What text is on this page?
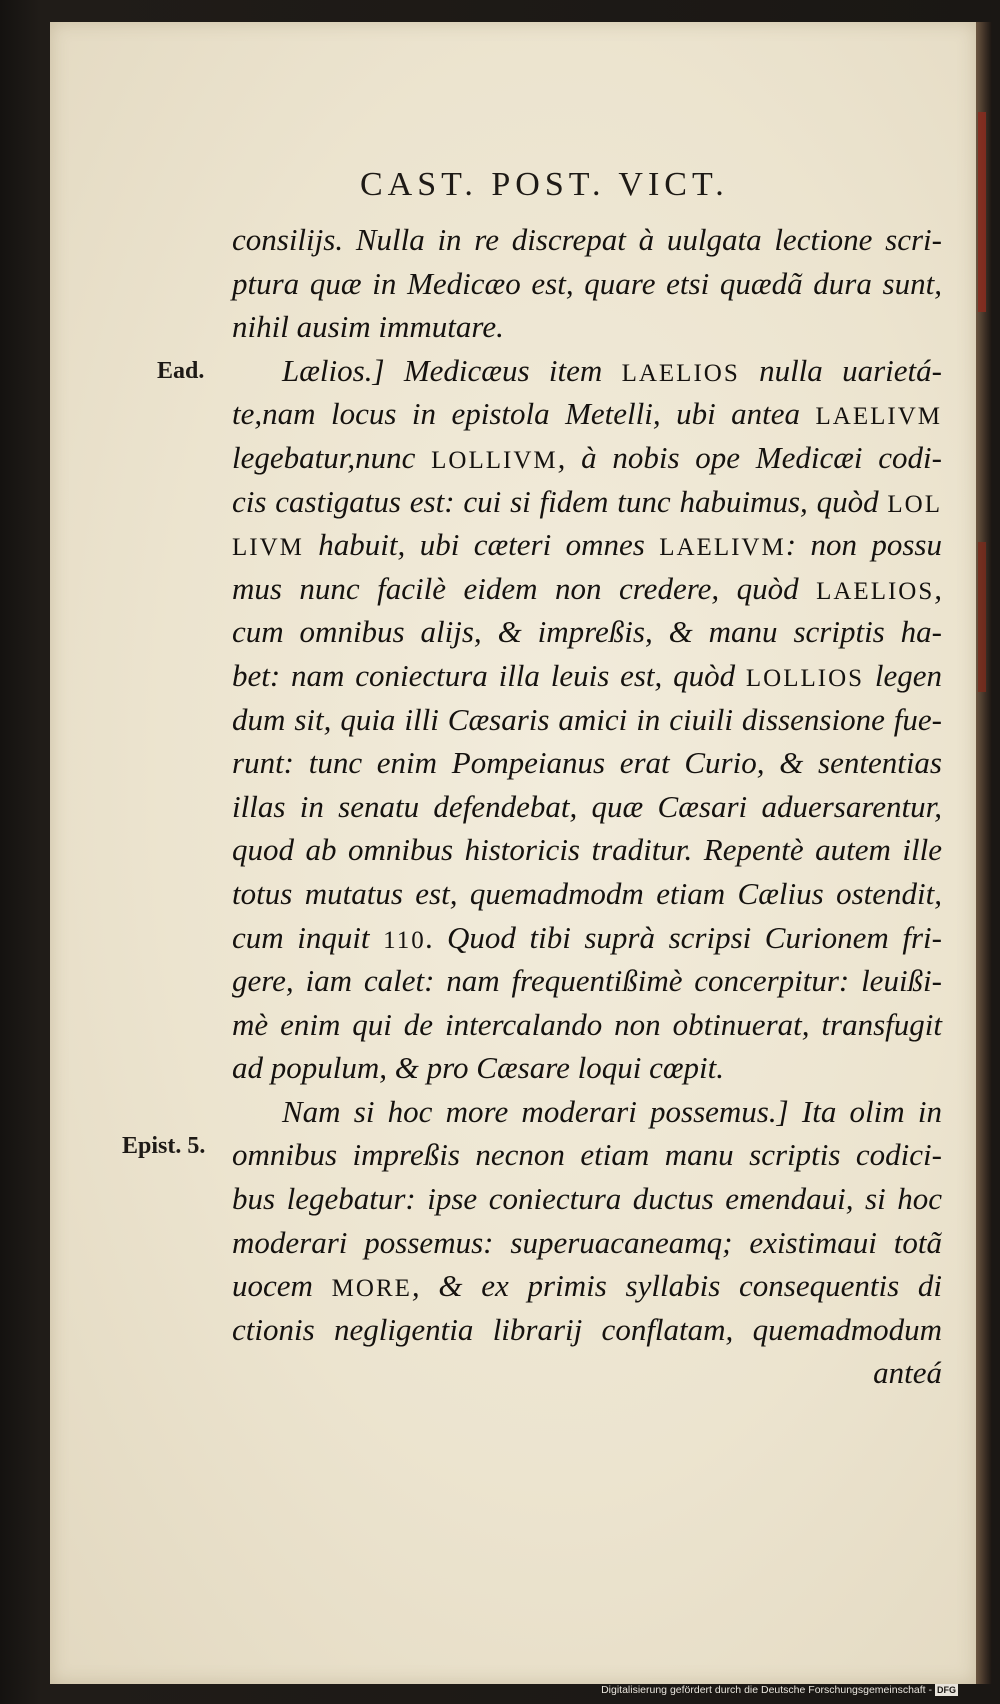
CAST. POST. VICT.
Ead.
Epist. 5.
consilijs. Nulla in re discrepat à uulgata lectione scri-
ptura quæ in Medicæo est, quare etsi quædã dura sunt,
nihil ausim immutare.
Lælios.] Medicæus item LAELIOS nulla uarietá-
te,nam locus in epistola Metelli, ubi antea LAELIVM
legebatur,nunc LOLLIVM, à nobis ope Medicæi codi-
cis castigatus est: cui si fidem tunc habuimus, quòd LOL
LIVM habuit, ubi cæteri omnes LAELIVM: non possu
mus nunc facilè eidem non credere, quòd LAELIOS,
cum omnibus alijs, & impreßis, & manu scriptis ha-
bet: nam coniectura illa leuis est, quòd LOLLIOS legen
dum sit, quia illi Cæsaris amici in ciuili dissensione fue-
runt: tunc enim Pompeianus erat Curio, & sententias
illas in senatu defendebat, quæ Cæsari aduersarentur,
quod ab omnibus historicis traditur. Repentè autem ille
totus mutatus est, quemadmodm etiam Cælius ostendit,
cum inquit 110. Quod tibi suprà scripsi Curionem fri-
gere, iam calet: nam frequentißimè concerpitur: leuißi-
mè enim qui de intercalando non obtinuerat, transfugit
ad populum, & pro Cæsare loqui cœpit.
Nam si hoc more moderari possemus.] Ita olim in
omnibus impreßis necnon etiam manu scriptis codici-
bus legebatur: ipse coniectura ductus emendaui, si hoc
moderari possemus: superuacaneamq; existimaui totã
uocem MORE, & ex primis syllabis consequentis di
ctionis negligentia librarij conflatam, quemadmodum
anteá
Digitalisierung gefördert durch die Deutsche Forschungsgemeinschaft - DFG
